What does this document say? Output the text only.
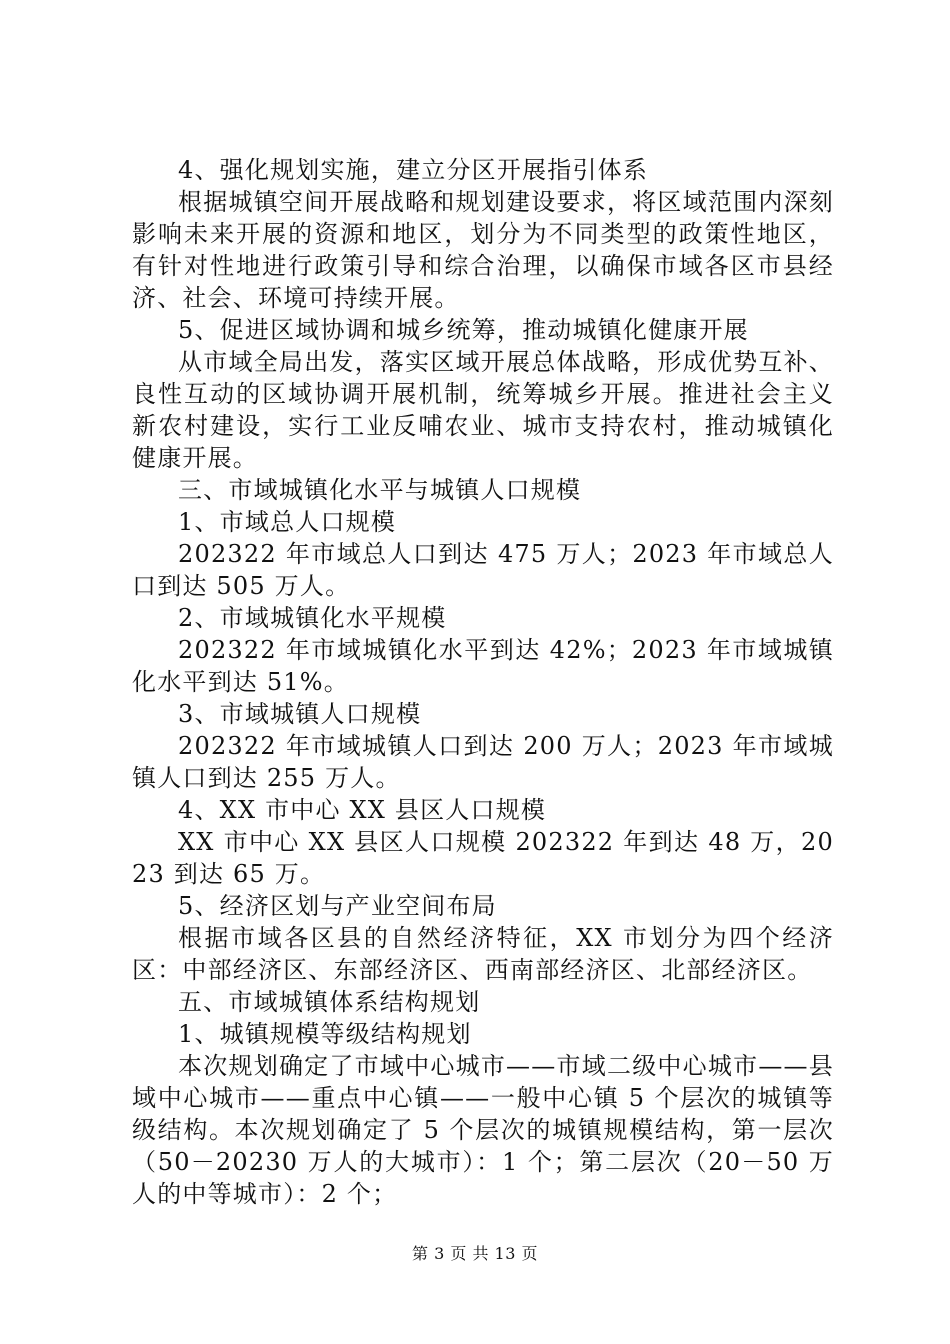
4、强化规划实施，建立分区开展指引体系

根据城镇空间开展战略和规划建设要求，将区域范围内深刻影响未来开展的资源和地区，划分为不同类型的政策性地区，有针对性地进行政策引导和综合治理，以确保市域各区市县经济、社会、环境可持续开展。

5、促进区域协调和城乡统筹，推动城镇化健康开展

从市域全局出发，落实区域开展总体战略，形成优势互补、良性互动的区域协调开展机制，统筹城乡开展。推进社会主义新农村建设，实行工业反哺农业、城市支持农村，推动城镇化健康开展。

三、市域城镇化水平与城镇人口规模

1、市域总人口规模

202322 年市域总人口到达 475 万人；2023 年市域总人口到达 505 万人。

2、市域城镇化水平规模

202322 年市域城镇化水平到达 42%；2023 年市域城镇化水平到达 51%。

3、市域城镇人口规模

202322 年市域城镇人口到达 200 万人；2023 年市域城镇人口到达 255 万人。

4、XX 市中心 XX 县区人口规模

XX 市中心 XX 县区人口规模 202322 年到达 48 万，2023 到达 65 万。

5、经济区划与产业空间布局

根据市域各区县的自然经济特征，XX 市划分为四个经济区：中部经济区、东部经济区、西南部经济区、北部经济区。

五、市域城镇体系结构规划

1、城镇规模等级结构规划

本次规划确定了市域中心城市——市域二级中心城市——县域中心城市——重点中心镇——一般中心镇 5 个层次的城镇等级结构。本次规划确定了 5 个层次的城镇规模结构，第一层次（50－20230 万人的大城市）：1 个；第二层次（20－50 万人的中等城市）：2 个；

第 3 页 共 13 页
